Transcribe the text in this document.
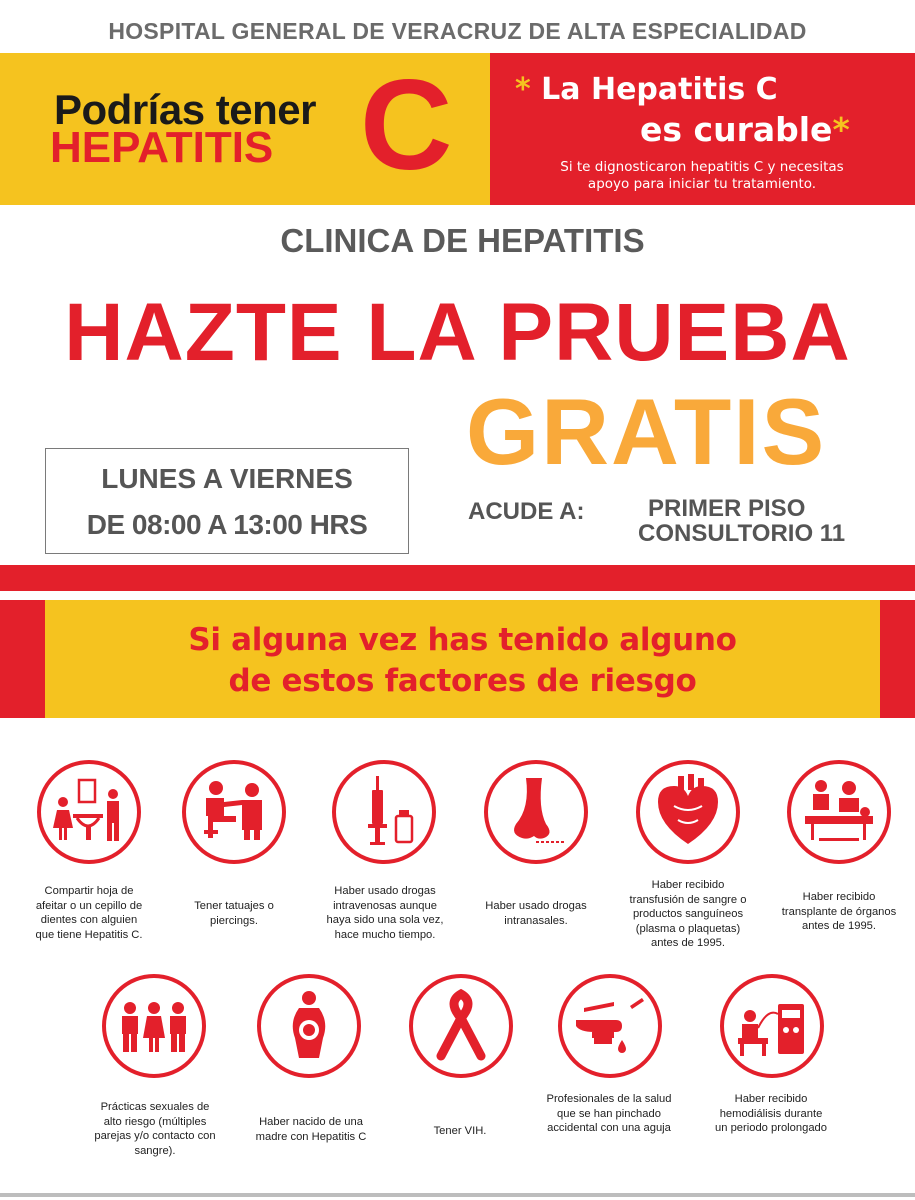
HOSPITAL GENERAL DE VERACRUZ DE ALTA ESPECIALIDAD
Podrías tener
HEPATITIS C * La Hepatitis C
es curable*
Si te dignosticaron hepatitis C y necesitas
apoyo para iniciar tu tratamiento.
CLINICA DE HEPATITIS
HAZTE LA PRUEBA
GRATIS
LUNES A VIERNES
DE 08:00 A 13:00 HRS	ACUDE A:	PRIMER PISO
CONSULTORIO 11
Si alguna vez has tenido alguno
de estos factores de riesgo
Compartir hoja de
afeitar o un cepillo de
dientes con alguien
que tiene Hepatitis C.
Tener tatuajes o
piercings.
Haber usado drogas
intravenosas aunque
haya sido una sola vez,
hace mucho tiempo.
Haber usado drogas
intranasales.
Haber recibido
transfusión de sangre o
productos sanguíneos
(plasma o plaquetas)
antes de 1995.
Haber recibido
transplante de órganos
antes de 1995.
Prácticas sexuales de
alto riesgo (múltiples
parejas y/o contacto con
sangre).
Haber nacido de una
madre con Hepatitis C	Tener VIH.
Profesionales de la salud
que se han pinchado
accidental con una aguja
Haber recibido
hemodiálisis durante
un periodo prolongado
